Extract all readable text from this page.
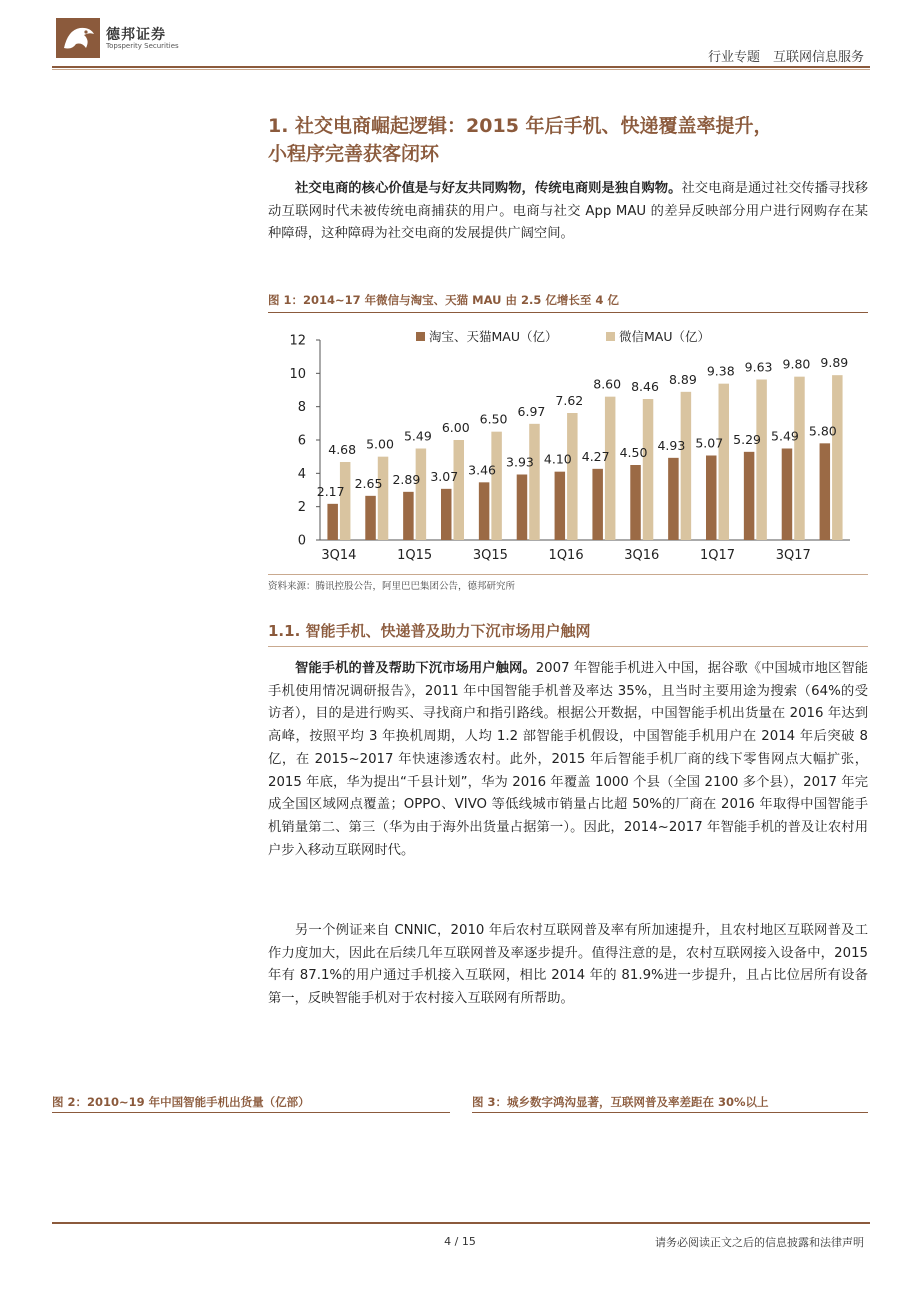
德邦证券
Topsperity Securities
行业专题　互联网信息服务
1. 社交电商崛起逻辑：2015 年后手机、快递覆盖率提升，
小程序完善获客闭环
社交电商的核心价值是与好友共同购物，传统电商则是独自购物。社交电商是通过社交传播寻找移动互联网时代未被传统电商捕获的用户。电商与社交 App MAU 的差异反映部分用户进行网购存在某种障碍，这种障碍为社交电商的发展提供广阔空间。
图 1：2014~17 年微信与淘宝、天猫 MAU 由 2.5 亿增长至 4 亿
0
2
4
6
8
10
12
3Q14	1Q15	3Q15	1Q16	3Q16	1Q17	3Q17
2.17
4.68
2.65
5.00
2.89
5.49
3.07
6.00
3.46
6.50
3.93
6.97
4.10
7.62
4.27
8.60
4.50
8.46
4.93
8.89
5.07
9.38
5.29
9.63
5.49
9.80
5.80
9.89
淘宝、天猫MAU（亿）	微信MAU（亿）
资料来源：腾讯控股公告，阿里巴巴集团公告，德邦研究所
1.1. 智能手机、快递普及助力下沉市场用户触网
智能手机的普及帮助下沉市场用户触网。2007 年智能手机进入中国，据谷歌《中国城市地区智能手机使用情况调研报告》，2011 年中国智能手机普及率达 35%，且当时主要用途为搜索（64%的受访者），目的是进行购买、寻找商户和指引路线。根据公开数据，中国智能手机出货量在 2016 年达到高峰，按照平均 3 年换机周期，人均 1.2 部智能手机假设，中国智能手机用户在 2014 年后突破 8 亿，在 2015~2017 年快速渗透农村。此外，2015 年后智能手机厂商的线下零售网点大幅扩张，2015 年底，华为提出“千县计划”，华为 2016 年覆盖 1000 个县（全国 2100 多个县），2017 年完成全国区域网点覆盖；OPPO、VIVO 等低线城市销量占比超 50%的厂商在 2016 年取得中国智能手机销量第二、第三（华为由于海外出货量占据第一）。因此，2014~2017 年智能手机的普及让农村用户步入移动互联网时代。
另一个例证来自 CNNIC，2010 年后农村互联网普及率有所加速提升，且农村地区互联网普及工作力度加大，因此在后续几年互联网普及率逐步提升。值得注意的是，农村互联网接入设备中，2015 年有 87.1%的用户通过手机接入互联网，相比 2014 年的 81.9%进一步提升，且占比位居所有设备第一，反映智能手机对于农村接入互联网有所帮助。
图 2：2010~19 年中国智能手机出货量（亿部）	图 3：城乡数字鸿沟显著，互联网普及率差距在 30%以上
4 / 15	请务必阅读正文之后的信息披露和法律声明
